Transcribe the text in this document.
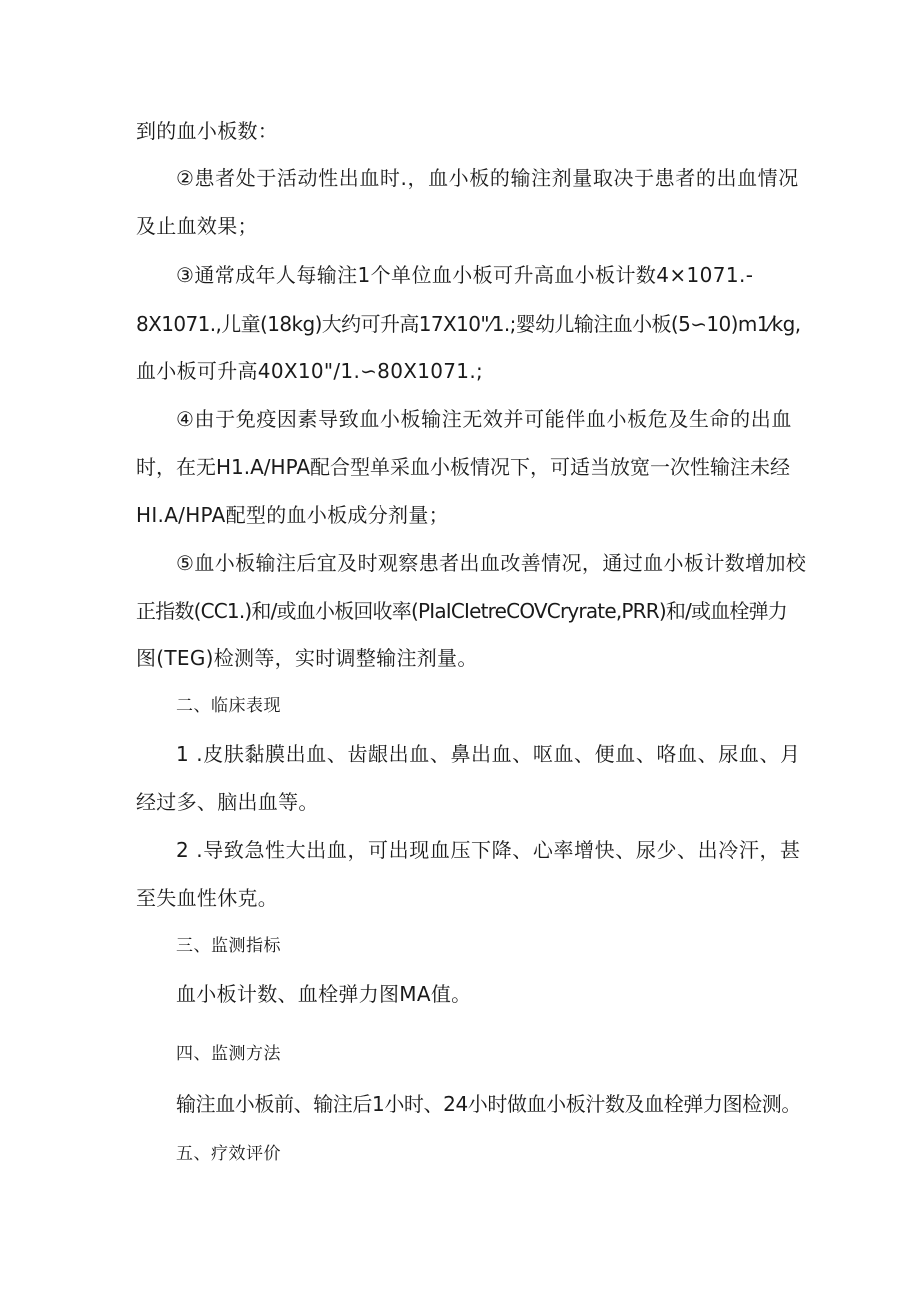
到的血小板数：
②患者处于活动性出血时.，血小板的输注剂量取决于患者的出血情况
及止血效果；
③通常成年人每输注1个单位血小板可升高血小板计数4×1071.-
8X1071.,儿童(18kg)大约可升高17X10"⁄1.;婴幼儿输注血小板(5∽10)m1⁄kg,
血小板可升高40X10"/1.∽80X1071.;
④由于免疫因素导致血小板输注无效并可能伴血小板危及生命的出血
时，在无H1.A/HPA配合型单采血小板情况下，可适当放宽一次性输注未经
HI.A/HPA配型的血小板成分剂量；
⑤血小板输注后宜及时观察患者出血改善情况，通过血小板计数增加校
正指数(CC1.)和/或血小板回收率(PIaICIetreCOVCryrate,PRR)和/或血栓弹力
图(TEG)检测等，实时调整输注剂量。
二、临床表现
1 .皮肤黏膜出血、齿龈出血、鼻出血、呕血、便血、咯血、尿血、月
经过多、脑出血等。
2 .导致急性大出血，可出现血压下降、心率增快、尿少、出冷汗，甚
至失血性休克。
三、监测指标
血小板计数、血栓弹力图MA值。
四、监测方法
输注血小板前、输注后1小时、24小时做血小板汁数及血栓弹力图检测。
五、疗效评价
